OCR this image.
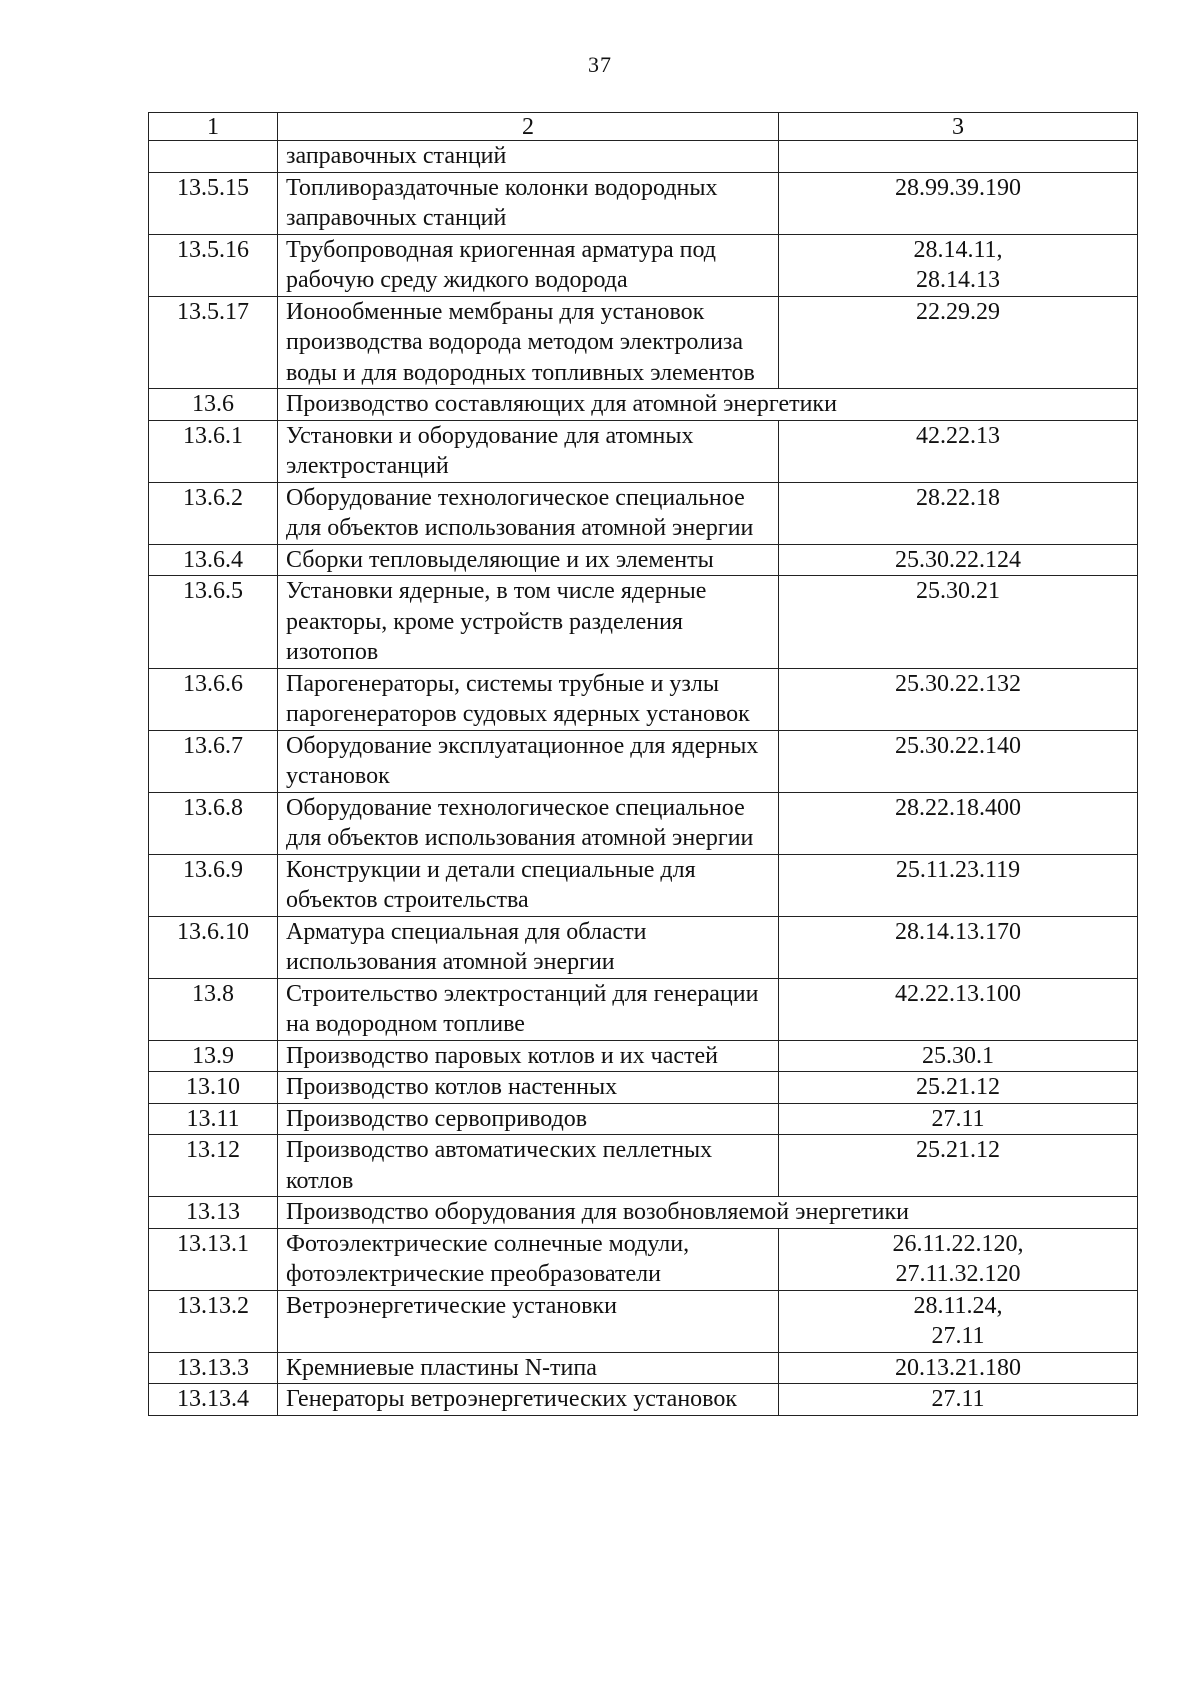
37
1	2	3
	заправочных станций	

13.5.15	Топливораздаточные колонки водородных заправочных станций	28.99.39.190

13.5.16	Трубопроводная криогенная арматура под рабочую среду жидкого водорода	28.14.11,
28.14.13

13.5.17	Ионообменные мембраны для установок производства водорода методом электролиза воды и для водородных топливных элементов	22.29.29

13.6	Производство составляющих для атомной энергетики	
13.6.1	Установки и оборудование для атомных электростанций	42.22.13

13.6.2	Оборудование технологическое специальное для объектов использования атомной энергии	28.22.18

13.6.4	Сборки тепловыделяющие и их элементы	25.30.22.124

13.6.5	Установки ядерные, в том числе ядерные реакторы, кроме устройств разделения изотопов	25.30.21

13.6.6	Парогенераторы, системы трубные и узлы парогенераторов судовых ядерных установок	25.30.22.132

13.6.7	Оборудование эксплуатационное для ядерных установок	25.30.22.140

13.6.8	Оборудование технологическое специальное для объектов использования атомной энергии	28.22.18.400

13.6.9	Конструкции и детали специальные для объектов строительства	25.11.23.119

13.6.10	Арматура специальная для области использования атомной энергии	28.14.13.170

13.8	Строительство электростанций для генерации на водородном топливе	42.22.13.100

13.9	Производство паровых котлов и их частей	25.30.1

13.10	Производство котлов настенных	25.21.12

13.11	Производство сервоприводов	27.11

13.12	Производство автоматических пеллетных котлов	25.21.12

13.13	Производство оборудования для возобновляемой энергетики	
13.13.1	Фотоэлектрические солнечные модули, фотоэлектрические преобразователи	26.11.22.120,
27.11.32.120

13.13.2	Ветроэнергетические установки	28.11.24,
27.11

13.13.3	Кремниевые пластины N-типа	20.13.21.180

13.13.4	Генераторы ветроэнергетических установок	27.11
